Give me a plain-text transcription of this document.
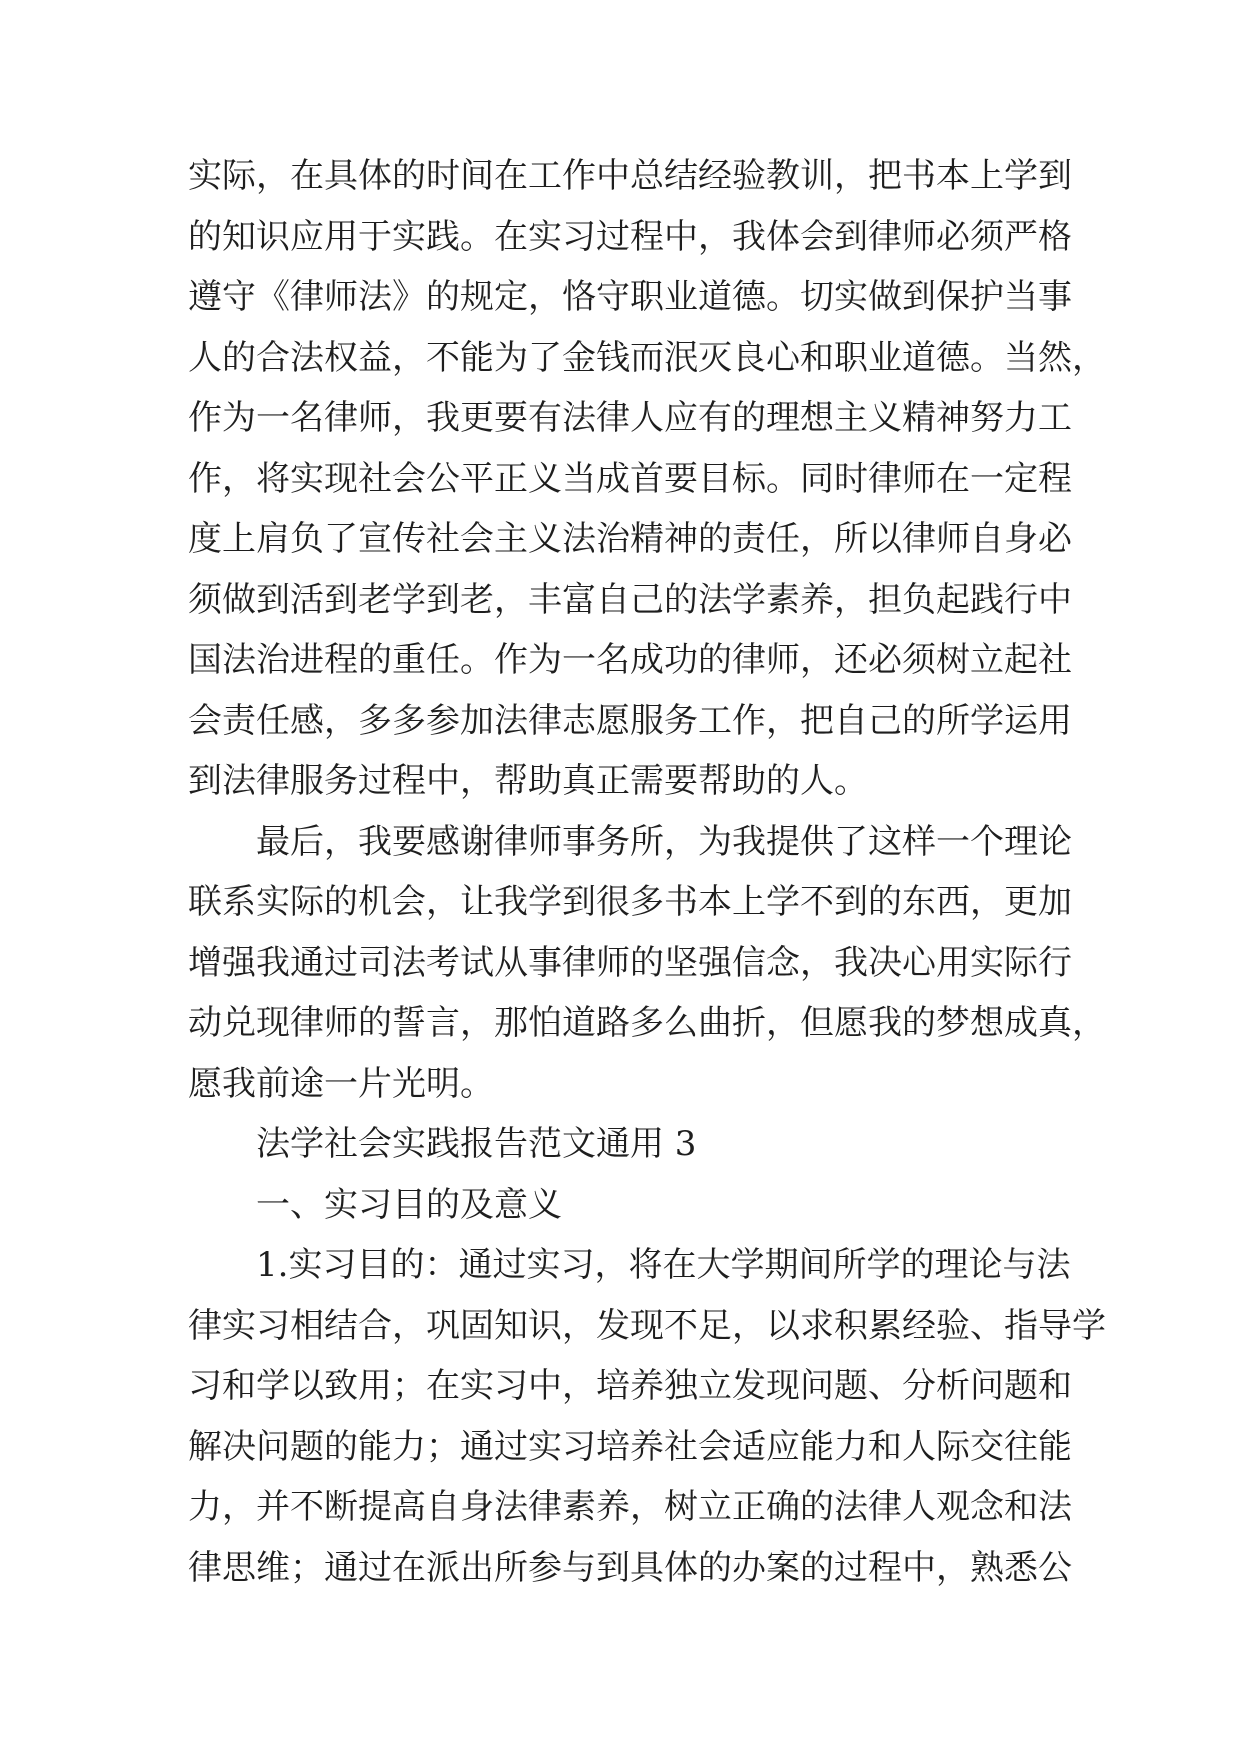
实 际 ， 在 具 体 的 时 间 在 工 作 中 总 结 经 验 教 训 ， 把 书 本 上 学 到
的 知 识 应 用 于 实 践 。 在 实 习 过 程 中 ， 我 体 会 到 律 师 必 须 严 格
遵 守 《 律 师 法 》 的 规 定 ， 恪 守 职 业 道 德 。 切 实 做 到 保 护 当 事
人 的 合 法 权 益 ， 不 能 为 了 金 钱 而 泯 灭 良 心 和 职 业 道 德 。 当 然 ，
作 为 一 名 律 师 ， 我 更 要 有 法 律 人 应 有 的 理 想 主 义 精 神 努 力 工
作 ， 将 实 现 社 会 公 平 正 义 当 成 首 要 目 标 。 同 时 律 师 在 一 定 程
度 上 肩 负 了 宣 传 社 会 主 义 法 治 精 神 的 责 任 ， 所 以 律 师 自 身 必
须 做 到 活 到 老 学 到 老 ， 丰 富 自 己 的 法 学 素 养 ， 担 负 起 践 行 中
国 法 治 进 程 的 重 任 。 作 为 一 名 成 功 的 律 师 ， 还 必 须 树 立 起 社
会 责 任 感 ， 多 多 参 加 法 律 志 愿 服 务 工 作 ， 把 自 己 的 所 学 运 用
到法律服务过程中，帮助真正需要帮助的人。
最 后 ， 我 要 感 谢 律 师 事 务 所 ， 为 我 提 供 了 这 样 一 个 理 论
联 系 实 际 的 机 会 ， 让 我 学 到 很 多 书 本 上 学 不 到 的 东 西 ， 更 加
增 强 我 通 过 司 法 考 试 从 事 律 师 的 坚 强 信 念 ， 我 决 心 用 实 际 行
动 兑 现 律 师 的 誓 言 ， 那 怕 道 路 多 么 曲 折 ， 但 愿 我 的 梦 想 成 真 ，
愿我前途一片光明。
法学社会实践报告范文通用 3
一、实习目的及意义
1. 实 习 目 的 ： 通 过 实 习 ， 将 在 大 学 期 间 所 学 的 理 论 与 法
律 实 习 相 结 合 ， 巩 固 知 识 ， 发 现 不 足 ， 以 求 积 累 经 验 、 指 导 学
习 和 学 以 致 用 ； 在 实 习 中 ， 培 养 独 立 发 现 问 题 、 分 析 问 题 和
解 决 问 题 的 能 力 ； 通 过 实 习 培 养 社 会 适 应 能 力 和 人 际 交 往 能
力 ， 并 不 断 提 高 自 身 法 律 素 养 ， 树 立 正 确 的 法 律 人 观 念 和 法
律 思 维 ； 通 过 在 派 出 所 参 与 到 具 体 的 办 案 的 过 程 中 ， 熟 悉 公
